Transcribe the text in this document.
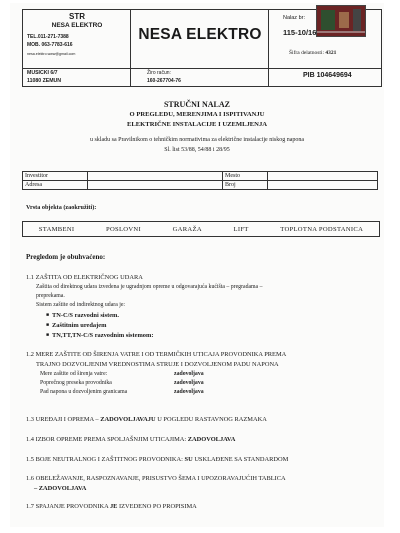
STR
NESA ELEKTRO
TEL.011-271-7388
MOB. 063-7783-616
nesa.elektro.www@gmail.com
NESA ELEKTRO
Nalaz br:
115-10/16
Šifra delatnosti: 4321
MUSICKI 6/7
11080 ZEMUN
Žiro račun:
160-267704-76
PIB 104649694
STRUČNI NALAZ
O PREGLEDU, MERENJIMA I ISPITIVANJU
ELEKTRIČNE INSTALACIJE I UZEMLJENJA
u skladu sa Pravilnikom o tehničkim normativima za električne instalacije niskog napona
Sl. list 53/88, 54/88 i 28/95
Investitor		Mesto	
Adresa		Broj	
Vrsta objekta (zaokružiti):
STAMBENI	POSLOVNI	GARAŽA	LIFT	TOPLOTNA PODSTANICA
Pregledom je obuhvaćeno:
1.1 ZAŠTITA OD ELEKTRIČNOG UDARA
Zaštita od direktnog udara izvedena je ugradnjom opreme u odgovarajuća kućišta – pregradama –
preprekama.
Sistem zaštite od indirektnog udara je:
■ TN-C/S razvodni sistem.
■ Zaštitnim uređajem
■ TN,TT,TN-C/S razvodnim sistemom:
1.2 MERE ZAŠTITE OD ŠIRENJA VATRE I OD TERMIČKIH UTICAJA PROVODNIKA PREMA
TRAJNO DOZVOLJENIM VREDNOSTIMA STRUJE I DOZVOLJENOM PADU NAPONA
Mere zaštite od širenja vatre:	zadovoljava
Poprečnog preseka provodnika	zadovoljava
Pad napona u dozvoljenim granicama	zadovoljava
1.3 UREĐAJI I OPREMA – ZADOVOLJAVAJU U POGLEDU RASTAVNOG RAZMAKA
1.4 IZBOR OPREME PREMA SPOLJAŠNJIM UTICAJIMA: ZADOVOLJAVA
1.5 BOJE NEUTRALNOG I ZAŠTITNOG PROVODNIKA: SU USKLAĐENE SA STANDARDOM
1.6 OBELEŽAVANJE, RASPOZNAVANJE, PRISUSTVO ŠEMA I UPOZORAVAJUĆIH TABLICA
– ZADOVOLJAVA
1.7 SPAJANJE PROVODNIKA JE IZVEDENO PO PROPISIMA
